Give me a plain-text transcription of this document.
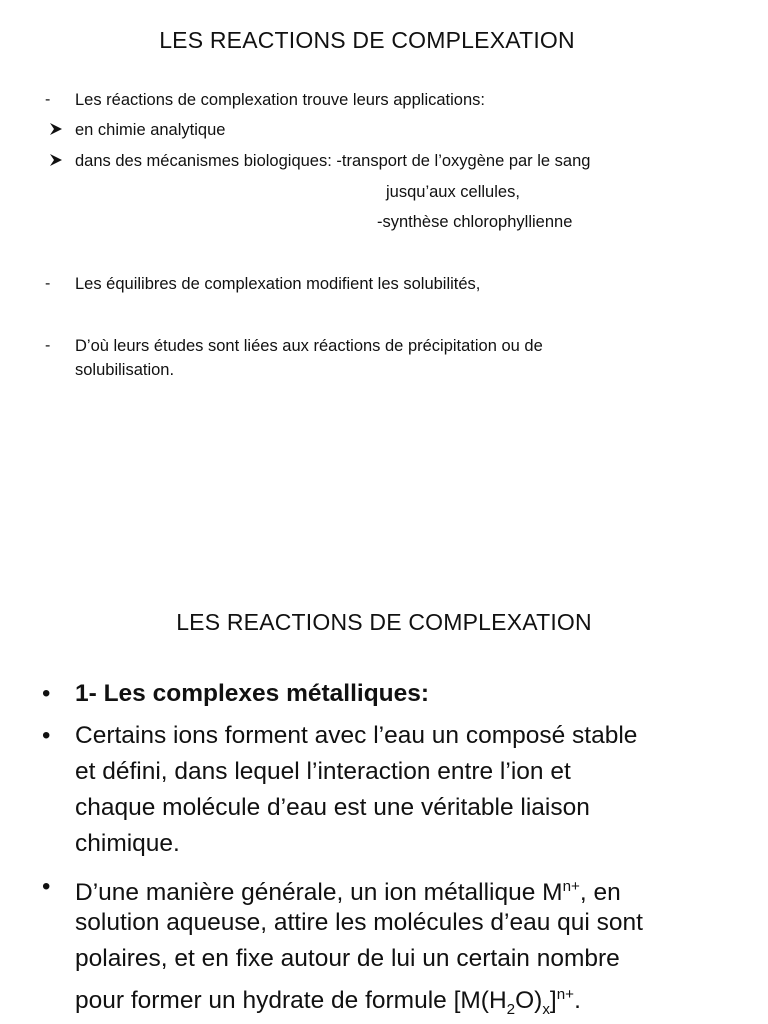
LES REACTIONS DE COMPLEXATION
- Les réactions de complexation trouve leurs applications:
en chimie analytique
dans des mécanismes biologiques: -transport de l’oxygène par le sang
jusqu’aux cellules,
-synthèse chlorophyllienne
- Les équilibres de complexation modifient les solubilités,
- D’où leurs études sont liées aux réactions de précipitation ou de
solubilisation.
LES REACTIONS DE COMPLEXATION
• 1- Les complexes métalliques:
• Certains ions forment avec l’eau un composé stable
et défini, dans lequel l’interaction entre l’ion et
chaque molécule d’eau est une véritable liaison
chimique.
• D’une manière générale, un ion métallique $M^{n+}$, en
solution aqueuse, attire les molécules d’eau qui sont
polaires, et en fixe autour de lui un certain nombre
pour former un hydrate de formule $[M(H_2O)_x]^{n+}$.
